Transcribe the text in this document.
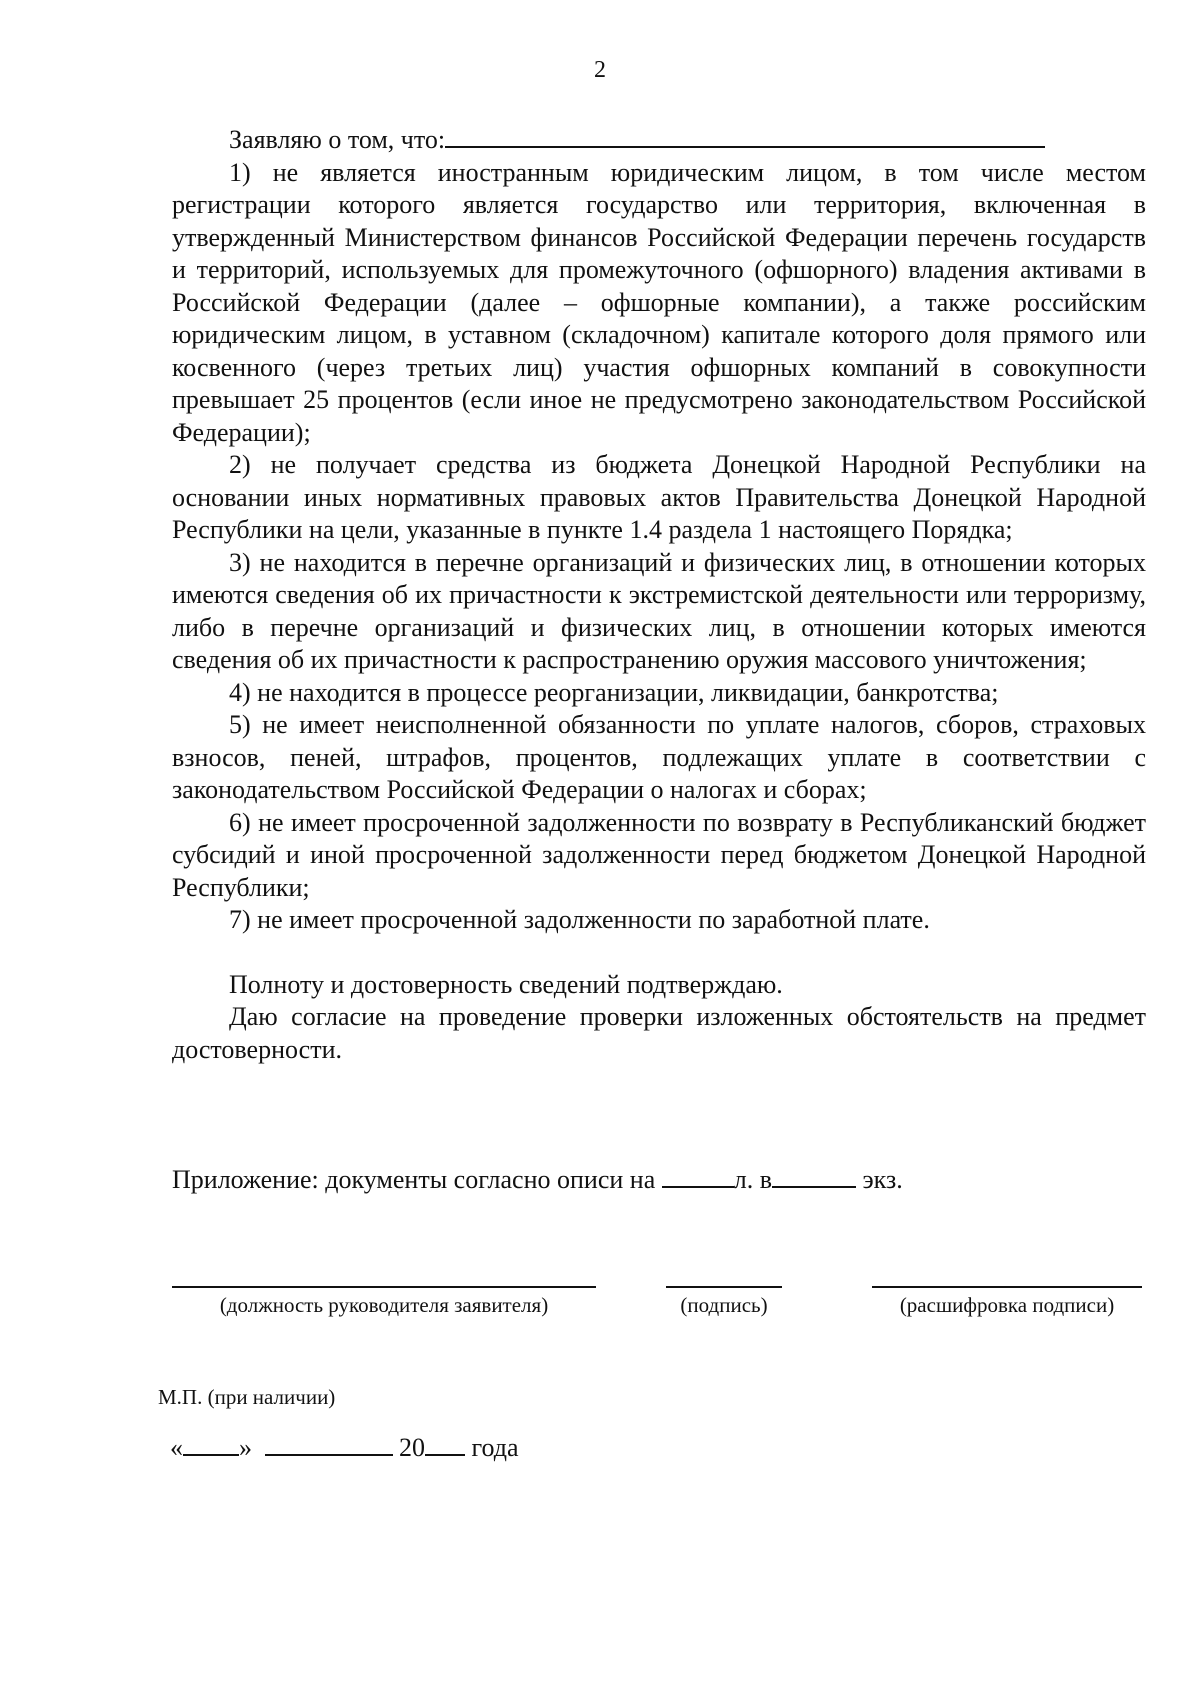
2

Заявляю о том, что:

1) не является иностранным юридическим лицом, в том числе местом регистрации которого является государство или территория, включенная в утвержденный Министерством финансов Российской Федерации перечень государств и территорий, используемых для промежуточного (офшорного) владения активами в Российской Федерации (далее – офшорные компании), а также российским юридическим лицом, в уставном (складочном) капитале которого доля прямого или косвенного (через третьих лиц) участия офшорных компаний в совокупности превышает 25 процентов (если иное не предусмотрено законодательством Российской Федерации);

2) не получает средства из бюджета Донецкой Народной Республики на основании иных нормативных правовых актов Правительства Донецкой Народной Республики на цели, указанные в пункте 1.4 раздела 1 настоящего Порядка;

3) не находится в перечне организаций и физических лиц, в отношении которых имеются сведения об их причастности к экстремистской деятельности или терроризму, либо в перечне организаций и физических лиц, в отношении которых имеются сведения об их причастности к распространению оружия массового уничтожения;

4) не находится в процессе реорганизации, ликвидации, банкротства;

5) не имеет неисполненной обязанности по уплате налогов, сборов, страховых взносов, пеней, штрафов, процентов, подлежащих уплате в соответствии с законодательством Российской Федерации о налогах и сборах;

6) не имеет просроченной задолженности по возврату в Республиканский бюджет субсидий и иной просроченной задолженности перед бюджетом Донецкой Народной Республики;

7) не имеет просроченной задолженности по заработной плате.

Полноту и достоверность сведений подтверждаю.

Даю согласие на проведение проверки изложенных обстоятельств на предмет достоверности.

Приложение: документы согласно описи на	л. в	экз.
(должность руководителя заявителя)	(подпись)	(расшифровка подписи)
М.П. (при наличии)
« »	20 года
